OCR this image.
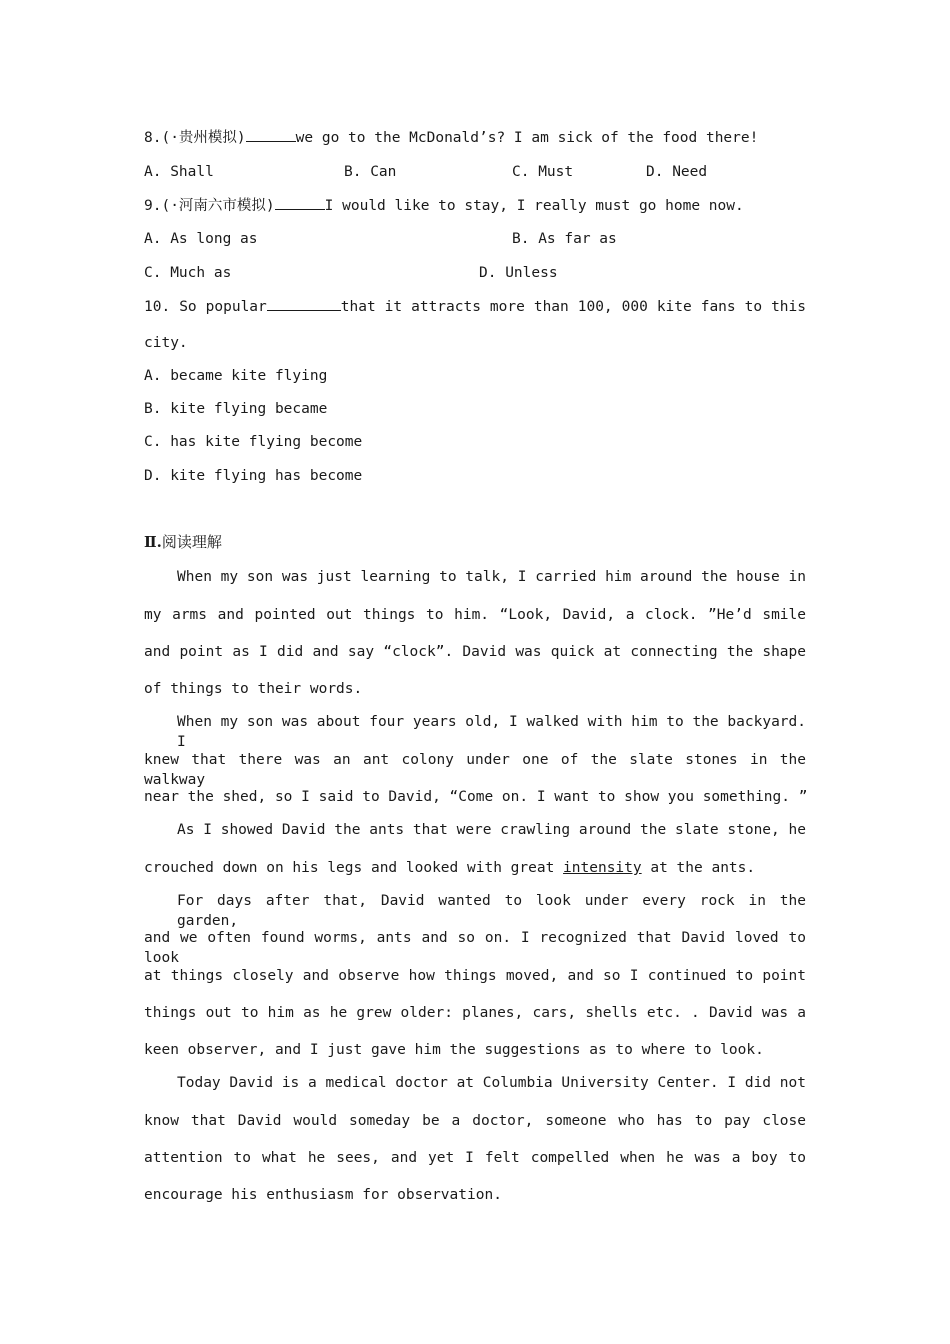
8.(·贵州模拟)	we go to the McDonald’s? I am sick of the food there!
A. Shall	B. Can	C. Must	D. Need
9.(·河南六市模拟)	I would like to stay, I really must go home now.
A. As long as	B. As far as
C. Much as	D. Unless
10. So popular	that it attracts more than 100, 000 kite fans to this
city.
A. became kite flying
B. kite flying became
C. has kite flying become
D. kite flying has become
Ⅱ.阅读理解
When my son was just learning to talk, I carried him around the house in
my arms and pointed out things to him. “Look, David, a clock. ”He’d smile
and point as I did and say “clock”. David was quick at connecting the shape
of things to their words.
When my son was about four years old, I walked with him to the backyard. I
knew that there was an ant colony under one of the slate stones in the walkway
near the shed, so I said to David, “Come on. I want to show you something. ”
As I showed David the ants that were crawling around the slate stone, he
crouched down on his legs and looked with great intensity at the ants.
For days after that, David wanted to look under every rock in the garden,
and we often found worms, ants and so on. I recognized that David loved to look
at things closely and observe how things moved, and so I continued to point
things out to him as he grew older: planes, cars, shells etc. . David was a
keen observer, and I just gave him the suggestions as to where to look.
Today David is a medical doctor at Columbia University Center. I did not
know that David would someday be a doctor, someone who has to pay close
attention to what he sees, and yet I felt compelled when he was a boy to
encourage his enthusiasm for observation.
